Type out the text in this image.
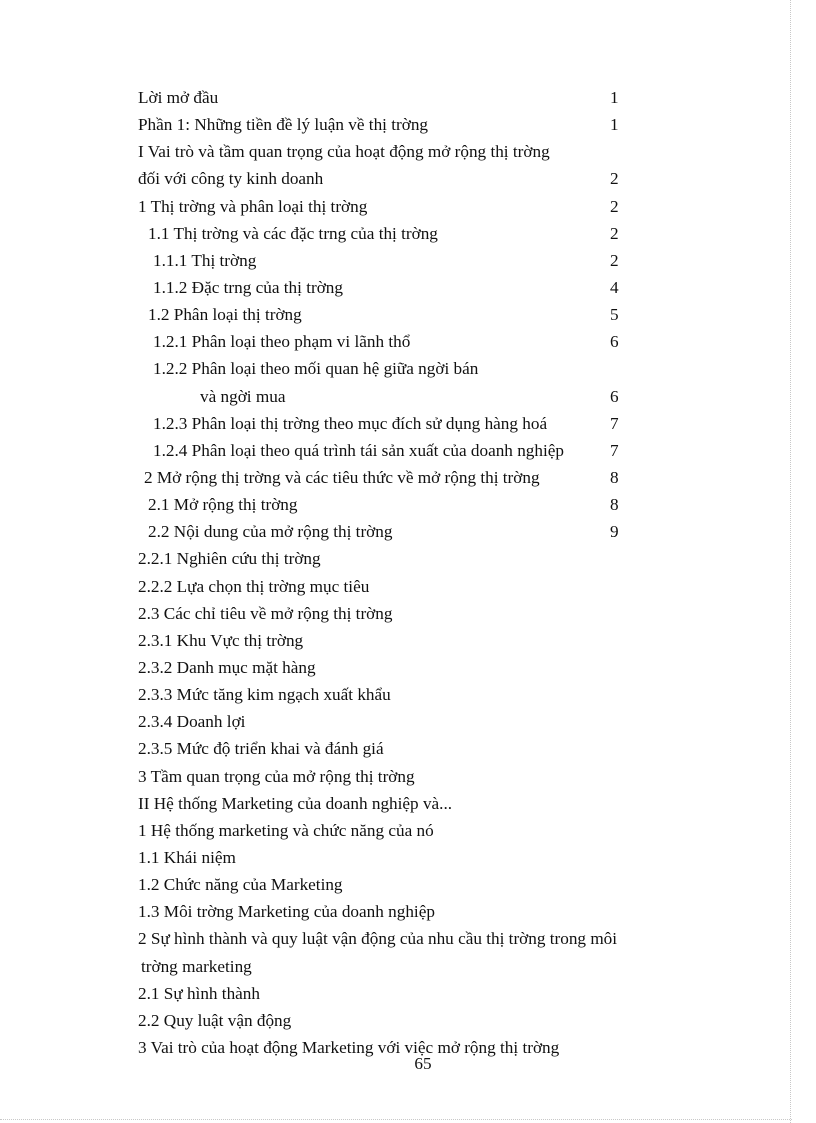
Lời mở đầu	1
Phần 1: Những tiền đề lý luận về thị trờng	1
I Vai trò và tầm quan trọng của hoạt động mở rộng thị trờng
đối với công ty kinh doanh	2
1 Thị trờng và phân loại thị trờng	2
1.1 Thị trờng và các đặc trng của thị trờng	2
1.1.1 Thị trờng	2
1.1.2 Đặc trng của thị trờng	4
1.2 Phân loại thị trờng	5
1.2.1 Phân loại theo phạm vi lãnh thổ	6
1.2.2 Phân loại theo mối quan hệ giữa ngời bán
và ngời mua	6
1.2.3 Phân loại thị trờng theo mục đích sử dụng hàng hoá	7
1.2.4 Phân loại theo quá trình tái sản xuất của doanh nghiệp	7
2 Mở rộng thị trờng và các tiêu thức về mở rộng thị trờng	8
2.1 Mở rộng thị trờng	8
2.2 Nội dung của mở rộng thị trờng	9
2.2.1 Nghiên cứu thị trờng
2.2.2 Lựa chọn thị trờng mục tiêu
2.3 Các chỉ tiêu về mở rộng thị trờng
2.3.1 Khu Vực thị trờng
2.3.2 Danh mục mặt hàng
2.3.3 Mức tăng kim ngạch xuất khẩu
2.3.4 Doanh lợi
2.3.5 Mức độ triển khai và đánh giá
3 Tầm quan trọng của mở rộng thị trờng
II Hệ thống Marketing của doanh nghiệp và...
1 Hệ thống marketing và chức năng của nó
1.1 Khái niệm
1.2 Chức năng của Marketing
1.3 Môi trờng Marketing của doanh nghiệp
2 Sự hình thành và quy luật vận động của nhu cầu thị trờng trong môi
trờng marketing
2.1 Sự hình thành
2.2 Quy luật vận động
3 Vai trò của hoạt động Marketing với việc mở rộng thị trờng
65
